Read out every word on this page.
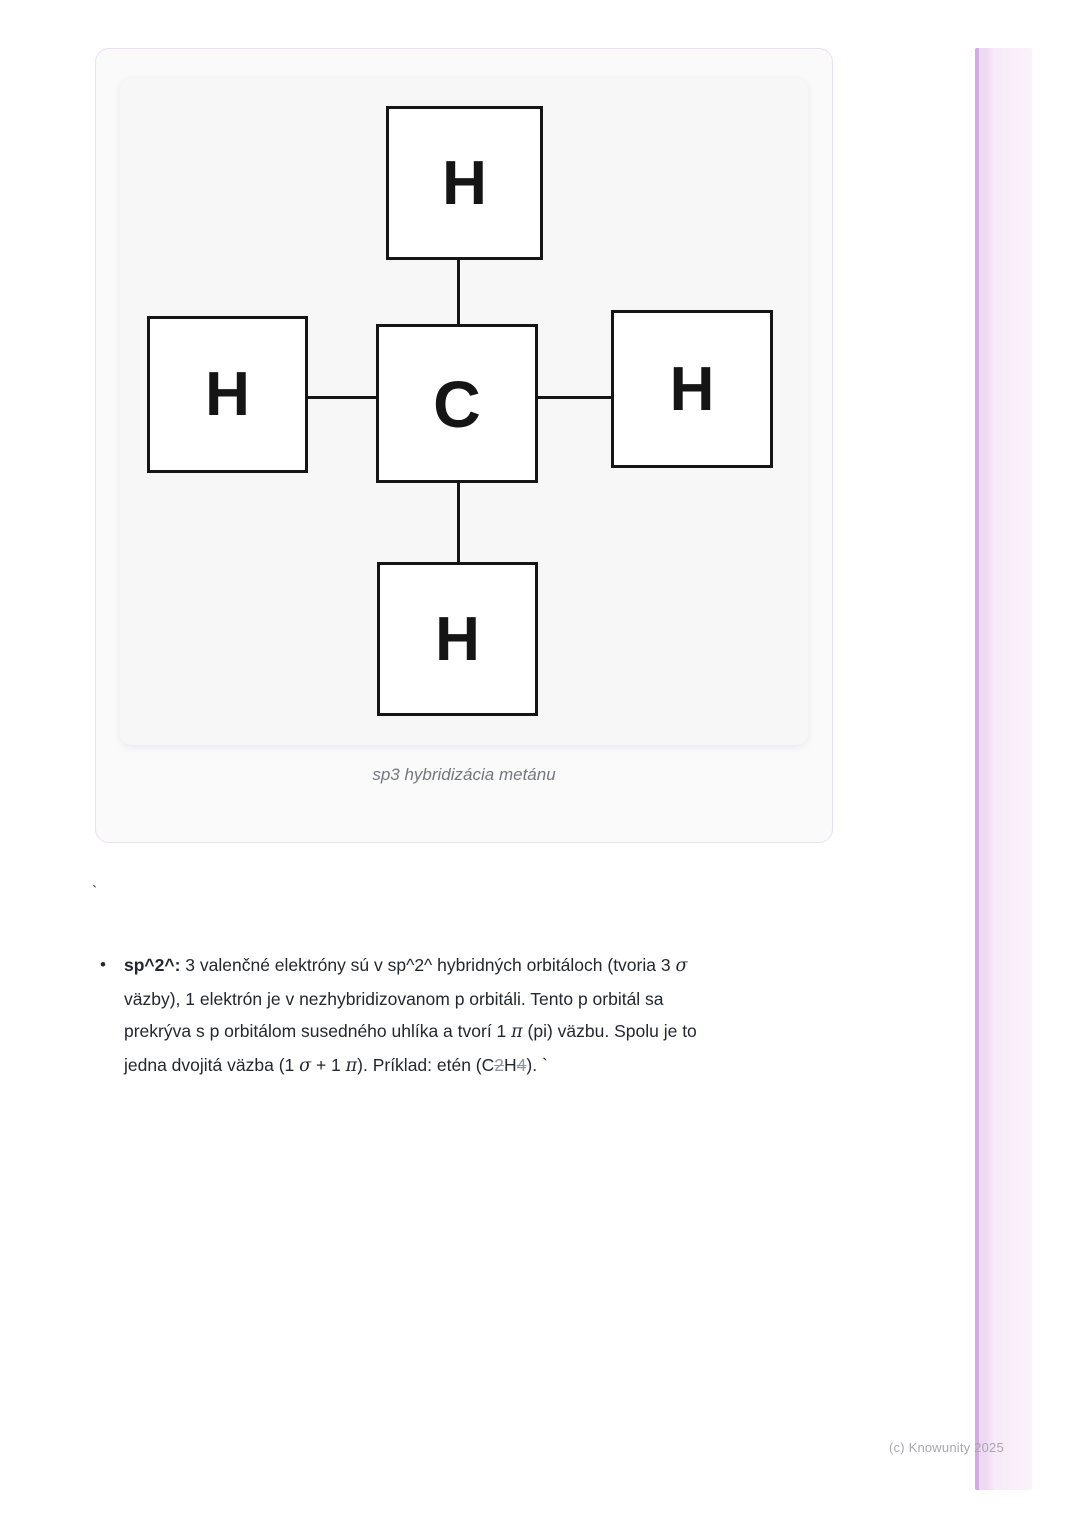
H
H	C	H
H
sp3 hybridizácia metánu
`
•	sp^2^: 3 valenčné elektróny sú v sp^2^ hybridných orbitáloch (tvoria 3 σ
väzby), 1 elektrón je v nezhybridizovanom p orbitáli. Tento p orbitál sa
prekrýva s p orbitálom susedného uhlíka a tvorí 1 π (pi) väzbu. Spolu je to
jedna dvojitá väzba (1 σ + 1 π). Príklad: etén (C2H4). `
(c) Knowunity 2025
